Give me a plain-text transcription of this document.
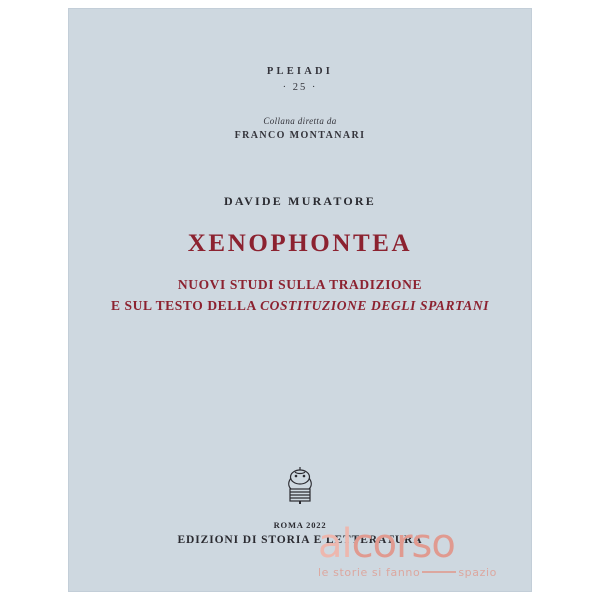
PLEIADI
· 25 ·
Collana diretta da
FRANCO MONTANARI
DAVIDE MURATORE
XENOPHONTEA
NUOVI STUDI SULLA TRADIZIONE
E SUL TESTO DELLA COSTITUZIONE DEGLI SPARTANI
ROMA 2022
EDIZIONI DI STORIA E LETTERATURA
alcorso
le storie si fanno	spazio
